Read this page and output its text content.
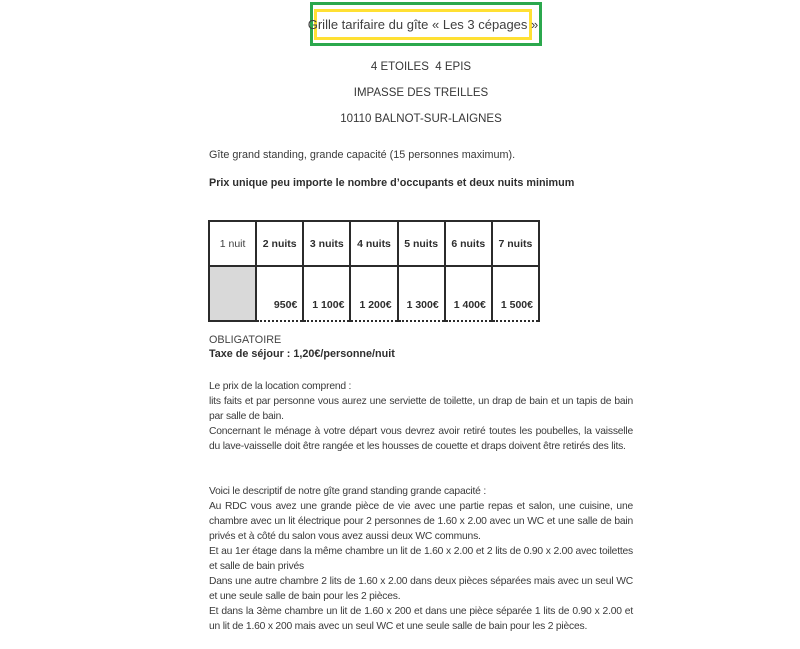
Grille tarifaire du gîte « Les 3 cépages »
4 ETOILES  4 EPIS
IMPASSE DES TREILLES
10110 BALNOT-SUR-LAIGNES
Gîte grand standing, grande capacité (15 personnes maximum).
Prix unique peu importe le nombre d’occupants et deux nuits minimum
1 nuit	2 nuits	3 nuits	4 nuits	5 nuits	6 nuits	7 nuits
	950€	1 100€	1 200€	1 300€	1 400€	1 500€
OBLIGATOIRE
Taxe de séjour : 1,20€/personne/nuit

Le prix de la location comprend :

lits faits et par personne vous aurez une serviette de toilette, un drap de bain et un tapis de bain par salle de bain.

Concernant le ménage à votre départ vous devrez avoir retiré toutes les poubelles, la vaisselle du lave-vaisselle doit être rangée et les housses de couette et draps doivent être retirés des lits.

Voici le descriptif de notre gîte grand standing grande capacité :

Au RDC vous avez une grande pièce de vie avec une partie repas et salon, une cuisine, une chambre avec un lit électrique pour 2 personnes de 1.60 x 2.00 avec un WC et une salle de bain privés et à côté du salon vous avez aussi deux WC communs.

Et au 1er étage dans la même chambre un lit de 1.60 x 2.00 et 2 lits de 0.90 x 2.00 avec toilettes et salle de bain privés

Dans une autre chambre 2 lits de 1.60 x 2.00 dans deux pièces séparées mais avec un seul WC et une seule salle de bain pour les 2 pièces.

Et dans la 3ème chambre un lit de 1.60 x 200 et dans une pièce séparée 1 lits de 0.90 x 2.00 et un lit de 1.60 x 200 mais avec un seul WC et une seule salle de bain pour les 2 pièces.
